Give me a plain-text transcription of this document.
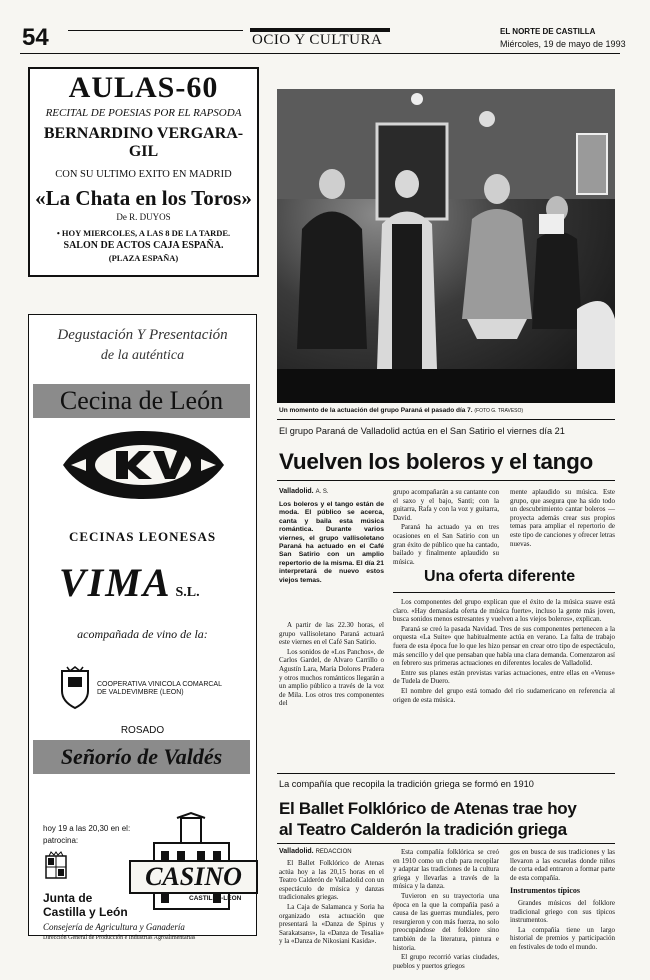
54	OCIO Y CULTURA
EL NORTE DE CASTILLA
Miércoles, 19 de mayo de 1993
AULAS-60
RECITAL DE POESIAS POR EL RAPSODA
BERNARDINO VERGARA-GIL
CON SU ULTIMO EXITO EN MADRID
«La Chata en los Toros»
De R. DUYOS
• HOY MIERCOLES, A LAS 8 DE LA TARDE.
SALON DE ACTOS CAJA ESPAÑA.
(PLAZA ESPAÑA)
Degustación Y Presentación
de la auténtica
Cecina de León
CECINAS LEONESAS
VIMA S.L.
acompañada de vino de la:
COOPERATIVA VINICOLA COMARCAL DE VALDEVIMBRE (LEON)
ROSADO
Señorío de Valdés
hoy 19 a las 20,30 en el:
patrocina:
Junta de
Castilla y León
CASINO
CASTILLA-LEON
Consejería de Agricultura y Ganadería
Dirección General de Producción e Industrias Agroalimentarias
Un momento de la actuación del grupo Paraná el pasado día 7. (FOTO G. TRAVESO)
El grupo Paraná de Valladolid actúa en el San Satirio el viernes día 21
Vuelven los boleros y el tango
Valladolid. A. S.
Los boleros y el tango están de moda. El público se acerca, canta y baila esta música romántica. Durante varios viernes, el grupo vallisoletano Paraná ha actuado en el Café San Satirio con un amplio repertorio de la misma. El día 21 interpretará de nuevo estos viejos temas.

A partir de las 22.30 horas, el grupo vallisoletano Paraná actuará este viernes en el Café San Satirio.

Los sonidos de «Los Panchos», de Carlos Gardel, de Alvaro Carrillo o Agustín Lara, María Dolores Pradera y otros muchos románticos llegarán a un amplio público a través de la voz de Mila. Los otros tres componentes del

grupo acompañarán a su cantante con el saxo y el bajo, Santi; con la guitarra, Rafa y con la voz y guitarra, David.

Paraná ha actuado ya en tres ocasiones en el San Satirio con un gran éxito de público que ha cantado, bailado y finalmente aplaudido su música.

mente aplaudido su música. Este grupo, que asegura que ha sido todo un descubrimiento cantar boleros —proyecta además crear sus propios temas para ampliar el repertorio de este tipo de canciones y ofrecer letras nuevas.

Una oferta diferente

Los componentes del grupo explican que el éxito de la música suave está claro. «Hay demasiada oferta de música fuerte», incluso la gente más joven, busca sonidos menos estresantes y vuelven a los viejos boleros», explican.

Paraná se creó la pasada Navidad. Tres de sus componentes pertenecen a la orquesta «La Suite» que habitualmente actúa en verano. La falta de trabajo fuera de esta época fue lo que les hizo pensar en crear otro tipo de espectáculo, más sencillo y del que pensaban que había una clara demanda. Comenzaron así en febrero sus primeras actuaciones en diferentes locales de Valladolid.

Entre sus planes están previstas varias actuaciones, entre ellas en «Venus» de Tudela de Duero.

El nombre del grupo está tomado del río sudamericano en referencia al origen de esta música.

La compañía que recopila la tradición griega se formó en 1910
El Ballet Folklórico de Atenas trae hoy
al Teatro Calderón la tradición griega
Valladolid. REDACCION

El Ballet Folklórico de Atenas actúa hoy a las 20,15 horas en el Teatro Calderón de Valladolid con un espectáculo de música y danzas tradicionales griegas.

La Caja de Salamanca y Soria ha organizado esta actuación que presentará la «Danza de Spirus y Sarakatsans», la «Danza de Tesalia» y la «Danza de Nikosiani Kasida».

Esta compañía folklórica se creó en 1910 como un club para recopilar y adaptar las tradiciones de la cultura griega y llevarlas a través de la música y la danza.

Tuvieron en su trayectoria una época en la que la compañía pasó a causa de las guerras mundiales, pero resurgieron y con más fuerza, no solo preocupándose del folklore sino también de la literatura, pintura e historia.

El grupo recorrió varias ciudades, pueblos y puertos griegos

gos en busca de sus tradiciones y las llevaron a las escuelas donde niños de corta edad entraron a formar parte de esta compañía.

Instrumentos típicos

Grandes músicos del folklore tradicional griego con sus típicos instrumentos.

La compañía tiene un largo historial de premios y participación en festivales de todo el mundo.
